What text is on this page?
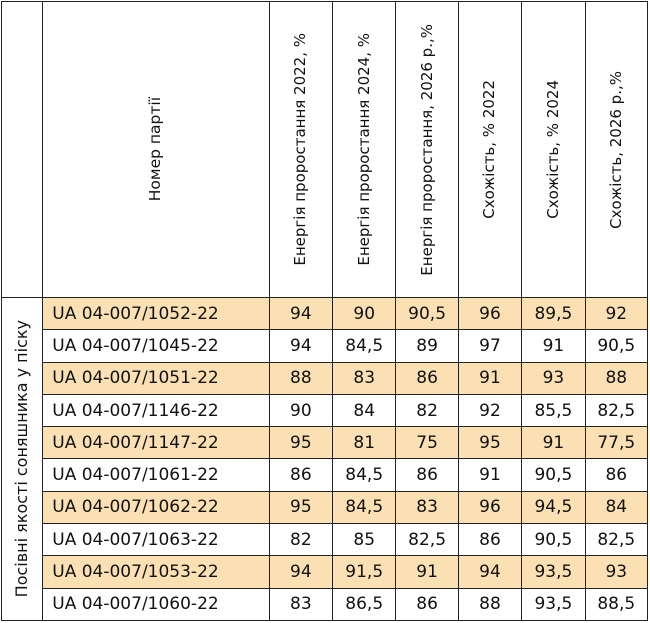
	Номер партії	Енергія проростання 2022, %	Енергія проростання 2024, %	Енергія проростання, 2026 р.,%	Схожість, % 2022	Схожість, % 2024	Схожість, 2026 р.,%

Посівні якості соняшника у піску	UA 04-007/1052-22	94	90	90,5	96	89,5	92
	UA 04-007/1045-22	94	84,5	89	97	91	90,5
	UA 04-007/1051-22	88	83	86	91	93	88
	UA 04-007/1146-22	90	84	82	92	85,5	82,5
	UA 04-007/1147-22	95	81	75	95	91	77,5
	UA 04-007/1061-22	86	84,5	86	91	90,5	86
	UA 04-007/1062-22	95	84,5	83	96	94,5	84
	UA 04-007/1063-22	82	85	82,5	86	90,5	82,5
	UA 04-007/1053-22	94	91,5	91	94	93,5	93
	UA 04-007/1060-22	83	86,5	86	88	93,5	88,5
